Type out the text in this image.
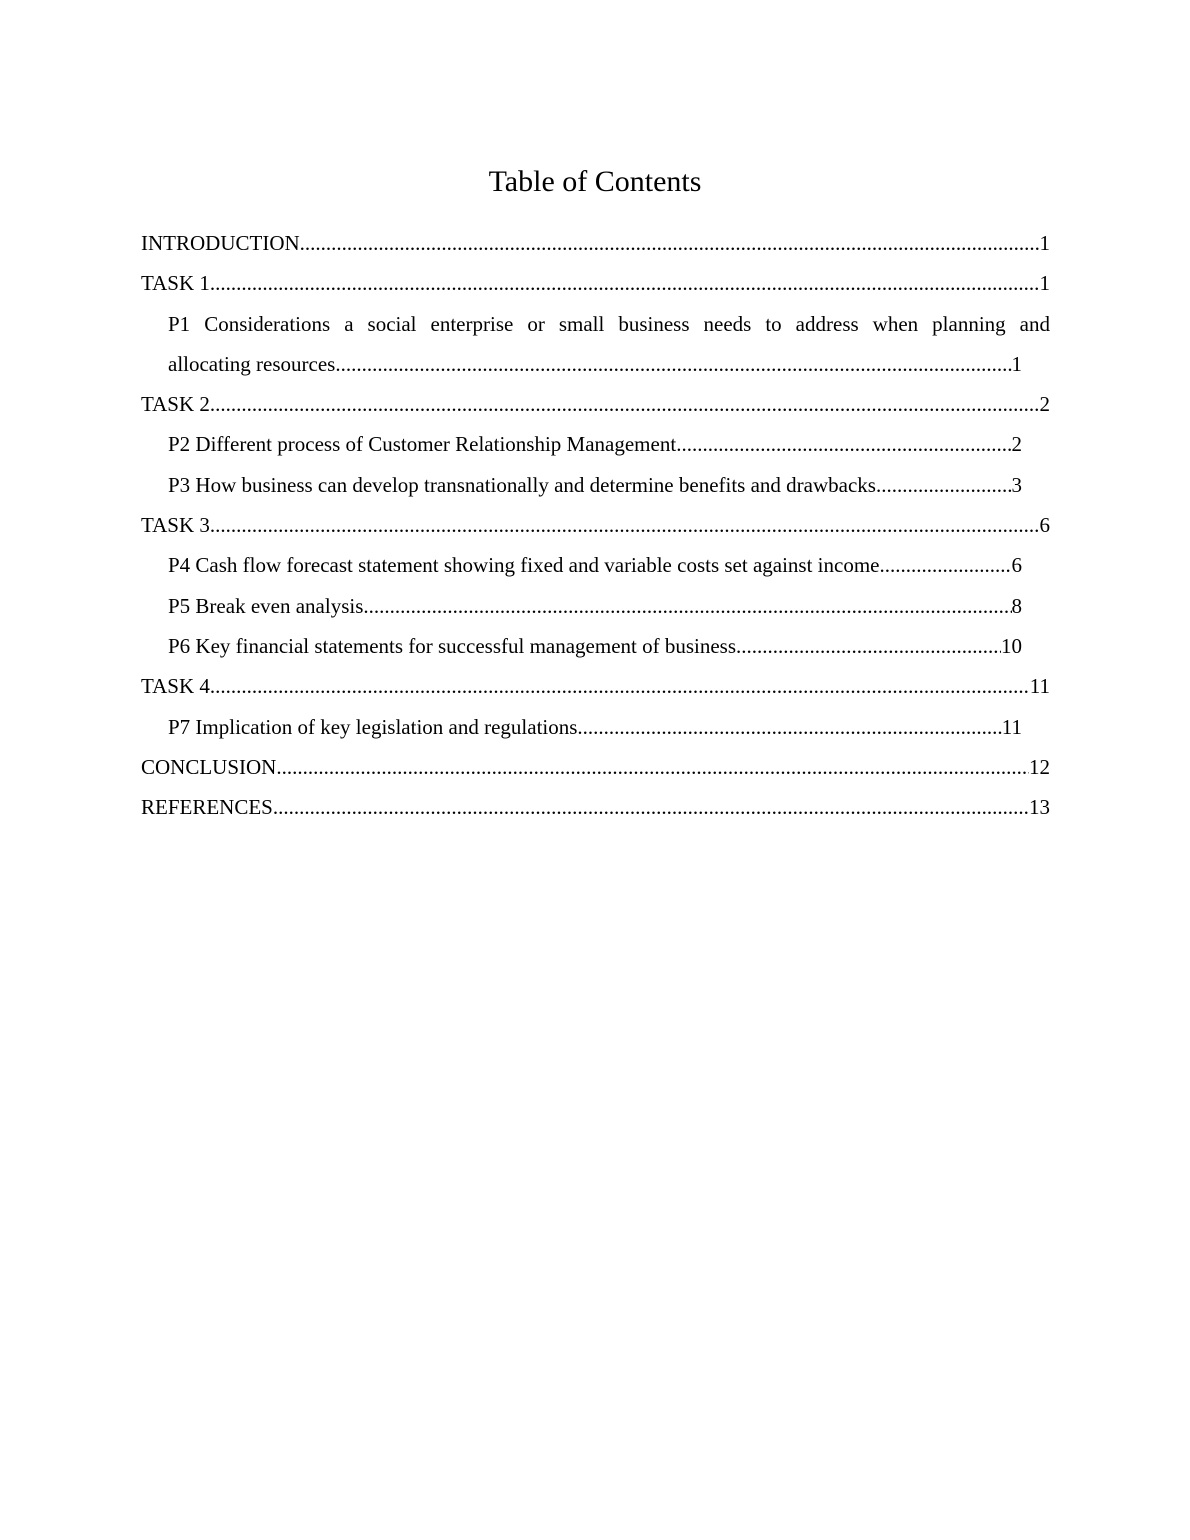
Table of Contents
INTRODUCTION .....	1
TASK 1 .....	1
P1 Considerations a social enterprise or small business needs to address when planning and
allocating resources .....	1
TASK 2 .....	2
P2 Different process of Customer Relationship Management .....	2
P3 How business can develop transnationally and determine benefits and drawbacks .....	3
TASK 3 .....	6
P4 Cash flow forecast statement showing fixed and variable costs set against income .....	6
P5 Break even analysis .....	8
P6 Key financial statements for successful management of business .....	10
TASK 4 .....	11
P7 Implication of key legislation and regulations .....	11
CONCLUSION .....	12
REFERENCES .....	13
